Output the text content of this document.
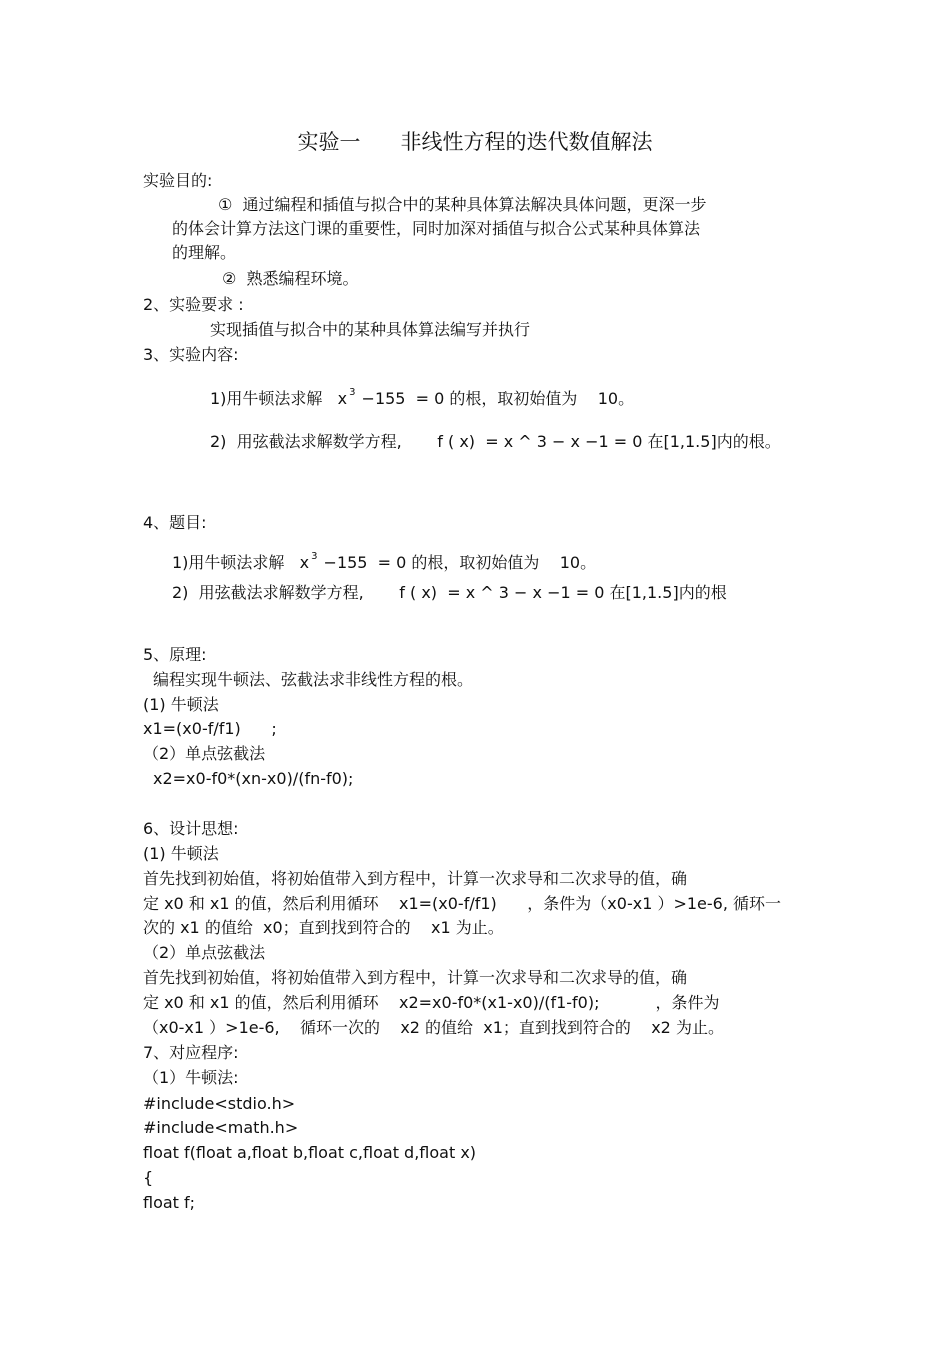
实验一 非线性方程的迭代数值解法
实验目的:
①  通过编程和插值与拟合中的某种具体算法解决具体问题，更深一步
的体会计算方法这门课的重要性，同时加深对插值与拟合公式某种具体算法
的理解。
②  熟悉编程环境。
2、实验要求 :
实现插值与拟合中的某种具体算法编写并执行
3、实验内容:
1)用牛顿法求解   x $^3$ −155  = 0 的根，取初始值为    10。
2)  用弦截法求解数学方程,       f ( x)  = x ^ 3 − x −1 = 0 在[1,1.5]内的根。
4、题目:
1)用牛顿法求解   x $^3$ −155  = 0 的根，取初始值为    10。
2)  用弦截法求解数学方程,       f ( x)  = x ^ 3 − x −1 = 0 在[1,1.5]内的根
5、原理:
编程实现牛顿法、弦截法求非线性方程的根。
(1) 牛顿法
x1=(x0-f/f1)      ;
（2）单点弦截法
x2=x0-f0*(xn-x0)/(fn-f0);
6、设计思想:
(1) 牛顿法
首先找到初始值，将初始值带入到方程中，计算一次求导和二次求导的值，确
定 x0 和 x1 的值，然后利用循环    x1=(x0-f/f1)      ，条件为（x0-x1 ）>1e-6, 循环一
次的 x1 的值给  x0；直到找到符合的    x1 为止。
（2）单点弦截法
首先找到初始值，将初始值带入到方程中，计算一次求导和二次求导的值，确
定 x0 和 x1 的值，然后利用循环    x2=x0-f0*(x1-x0)/(f1-f0);           ，条件为
（x0-x1 ）>1e-6,    循环一次的    x2 的值给  x1；直到找到符合的    x2 为止。
7、对应程序:
（1）牛顿法:
#include<stdio.h>
#include<math.h>
float f(float a,float b,float c,float d,float x)
{
float f;
